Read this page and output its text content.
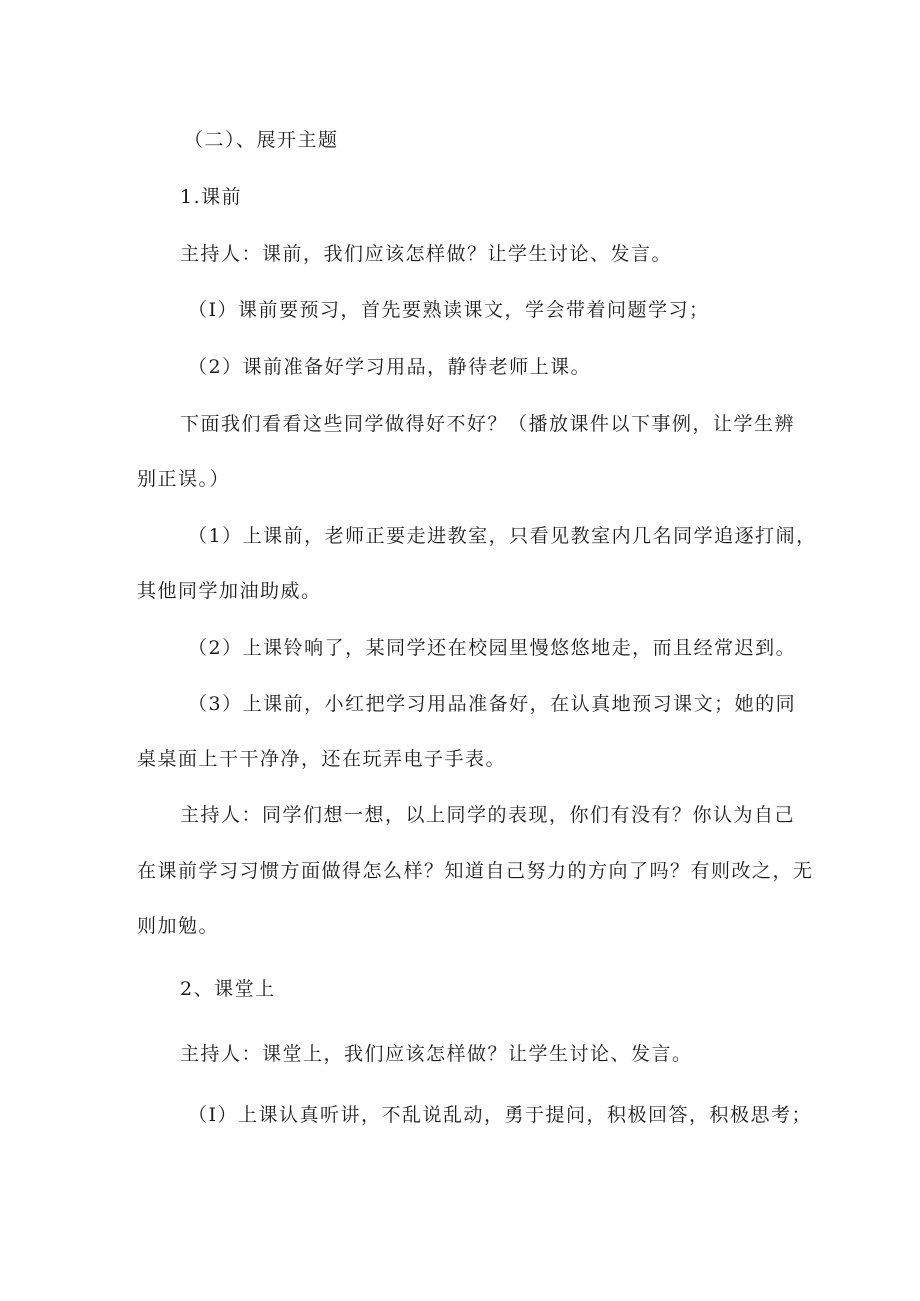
（二）、展开主题
1.课前
主持人：课前，我们应该怎样做？让学生讨论、发言。
（I）课前要预习，首先要熟读课文，学会带着问题学习；
（2）课前准备好学习用品，静待老师上课。
下面我们看看这些同学做得好不好？（播放课件以下事例，让学生辨
别正误。）
（1）上课前，老师正要走进教室，只看见教室内几名同学追逐打闹，
其他同学加油助威。
（2）上课铃响了，某同学还在校园里慢悠悠地走，而且经常迟到。
（3）上课前，小红把学习用品准备好，在认真地预习课文；她的同
桌桌面上干干净净，还在玩弄电子手表。
主持人：同学们想一想，以上同学的表现，你们有没有？你认为自己
在课前学习习惯方面做得怎么样？知道自己努力的方向了吗？有则改之，无
则加勉。
2、课堂上
主持人：课堂上，我们应该怎样做？让学生讨论、发言。
（I）上课认真听讲，不乱说乱动，勇于提问，积极回答，积极思考；
